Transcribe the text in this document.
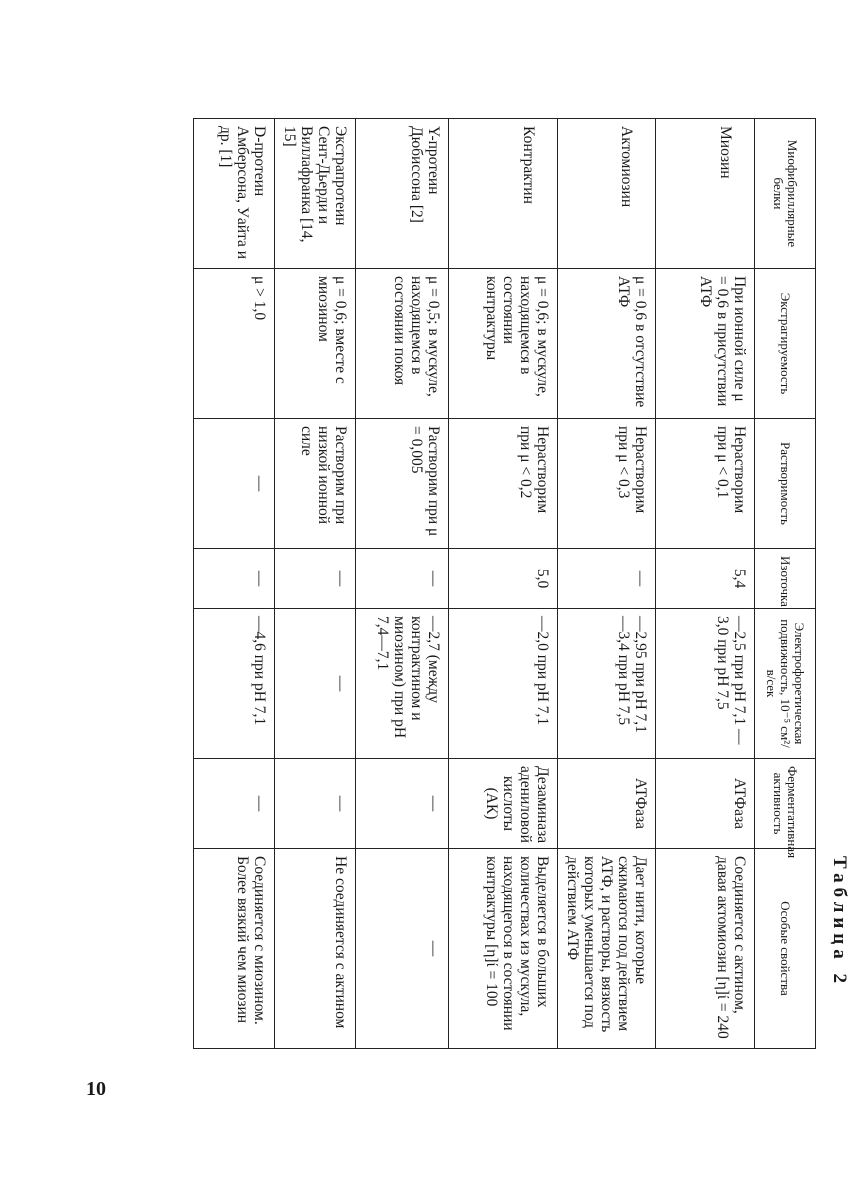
Таблица 2
Миофибриллярные белки	Экстрагируемость	Растворимость	Изоточка	Электрофоретическая подвижность, 10⁻⁵ см²/в/сек	Ферментативная активность	Особые свойства
Миозин	При ионной силе μ = 0,6 в присутствии АТФ	Нерастворим при μ < 0,1	5,4	—2,5 при рН 7,1 —3,0 при рН 7,5	АТФаза	Соединяется с актином, давая актомиозин [η]ί = 240
Актомиозин	μ = 0,6 в отсутствие АТФ	Нерастворим при μ < 0,3	—	—2,95 при рН 7,1 —3,4 при рН 7,5	АТФаза	Дает нити, которые сжимаются под действием АТФ, и растворы, вязкость которых уменьшается под действием АТФ
Контрактин	μ = 0,6; в мускуле, находящемся в состоянии контрактуры	Нерастворим при μ < 0,2	5,0	—2,0 при рН 7,1	Дезаминаза адениловой кислоты (АК)	Выделяется в больших количествах из мускула, находящегося в состоянии контрактуры [η]ί = 100
Y-протеин Дюбиссона [2]	μ = 0,5; в мускуле, находящемся в состоянии покоя	Растворим при μ = 0,005	—	—2,7 (между контрактином и миозином) при рН 7,4—7,1	—	—
Экстрапротеин Сент-Дьерди и Виллафранка [14, 15]	μ = 0,6; вместе с миозином	Растворим при низкой ионной силе	—	—	—	Не соединяется с актином
D-протеин Амберсона, Уайта и др. [1]	μ > 1,0	—	—	—4,6 при рН 7,1	—	Соединяется с миозином. Более вязкий чем миозин
10
